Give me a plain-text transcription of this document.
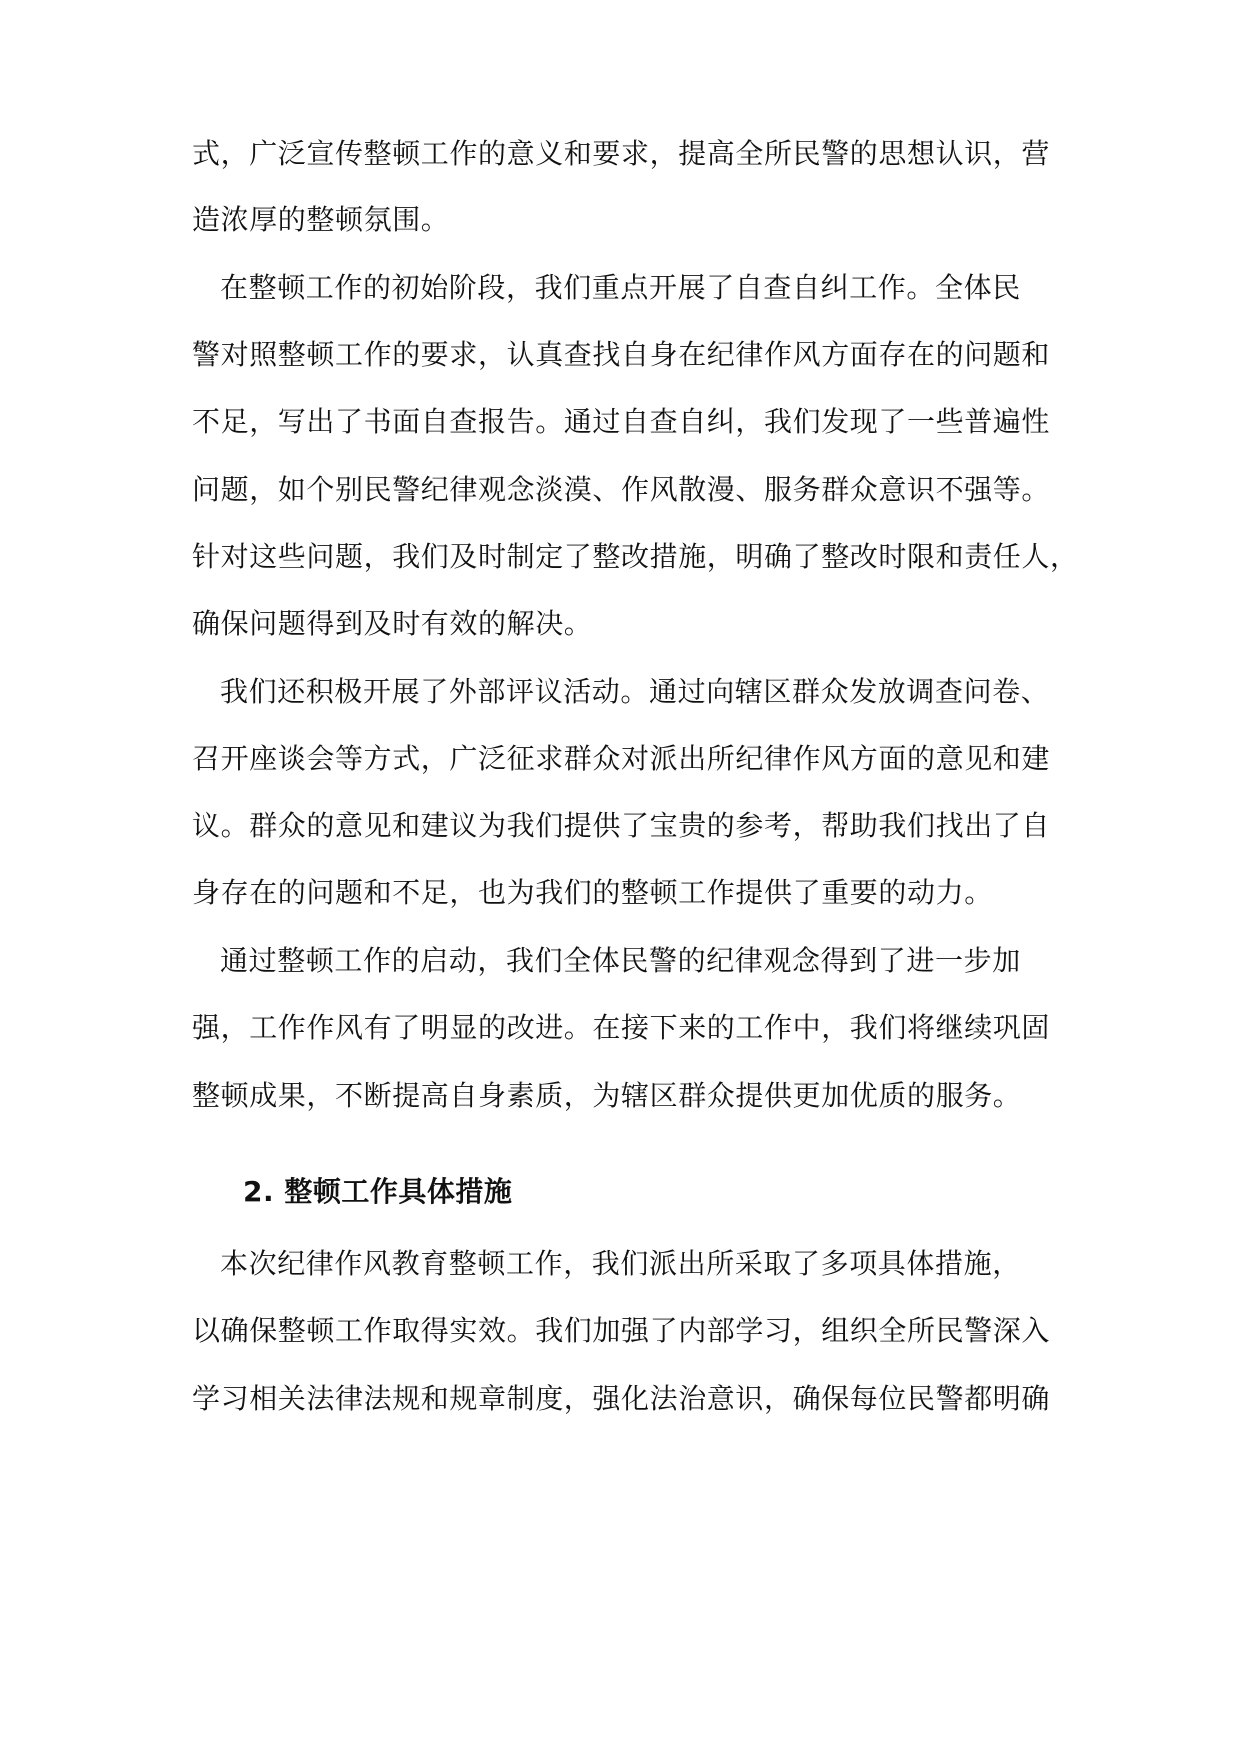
式，广泛宣传整顿工作的意义和要求，提高全所民警的思想认识，营
造浓厚的整顿氛围。
在整顿工作的初始阶段，我们重点开展了自查自纠工作。全体民
警对照整顿工作的要求，认真查找自身在纪律作风方面存在的问题和
不足，写出了书面自查报告。通过自查自纠，我们发现了一些普遍性
问题，如个别民警纪律观念淡漠、作风散漫、服务群众意识不强等。
针对这些问题，我们及时制定了整改措施，明确了整改时限和责任人，
确保问题得到及时有效的解决。
我们还积极开展了外部评议活动。通过向辖区群众发放调查问卷、
召开座谈会等方式，广泛征求群众对派出所纪律作风方面的意见和建
议。群众的意见和建议为我们提供了宝贵的参考，帮助我们找出了自
身存在的问题和不足，也为我们的整顿工作提供了重要的动力。
通过整顿工作的启动，我们全体民警的纪律观念得到了进一步加
强，工作作风有了明显的改进。在接下来的工作中，我们将继续巩固
整顿成果，不断提高自身素质，为辖区群众提供更加优质的服务。
2. 整顿工作具体措施
本次纪律作风教育整顿工作，我们派出所采取了多项具体措施，
以确保整顿工作取得实效。我们加强了内部学习，组织全所民警深入
学习相关法律法规和规章制度，强化法治意识，确保每位民警都明确
